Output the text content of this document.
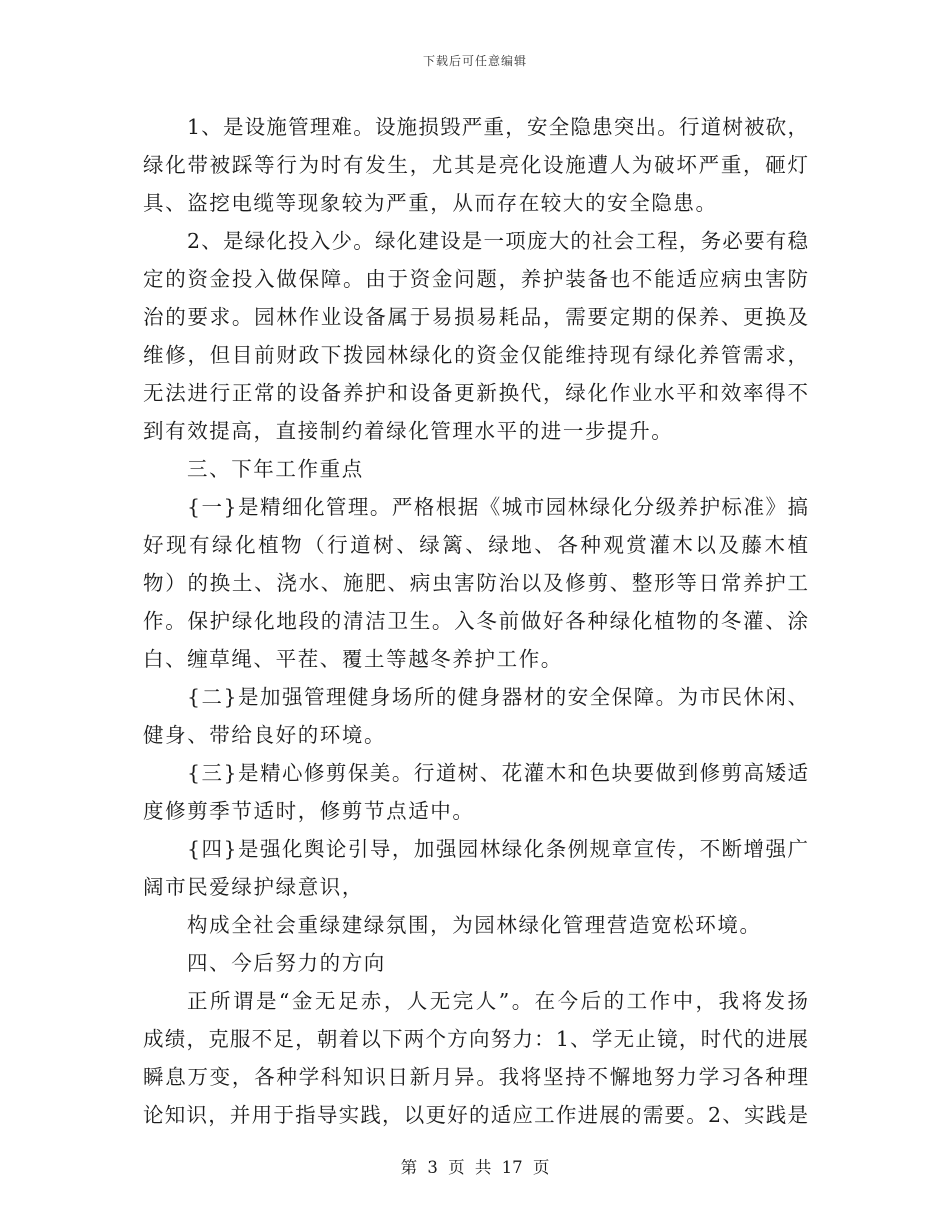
下载后可任意编辑
1、是设施管理难。设施损毁严重，安全隐患突出。行道树被砍，
绿化带被踩等行为时有发生，尤其是亮化设施遭人为破坏严重，砸灯
具、盗挖电缆等现象较为严重，从而存在较大的安全隐患。
2、是绿化投入少。绿化建设是一项庞大的社会工程，务必要有稳
定的资金投入做保障。由于资金问题，养护装备也不能适应病虫害防
治的要求。园林作业设备属于易损易耗品，需要定期的保养、更换及
维修，但目前财政下拨园林绿化的资金仅能维持现有绿化养管需求，
无法进行正常的设备养护和设备更新换代，绿化作业水平和效率得不
到有效提高，直接制约着绿化管理水平的进一步提升。
三、下年工作重点
{一}是精细化管理。严格根据《城市园林绿化分级养护标准》搞
好现有绿化植物（行道树、绿篱、绿地、各种观赏灌木以及藤木植
物）的换土、浇水、施肥、病虫害防治以及修剪、整形等日常养护工
作。保护绿化地段的清洁卫生。入冬前做好各种绿化植物的冬灌、涂
白、缠草绳、平茬、覆土等越冬养护工作。
{二}是加强管理健身场所的健身器材的安全保障。为市民休闲、
健身、带给良好的环境。
{三}是精心修剪保美。行道树、花灌木和色块要做到修剪高矮适
度修剪季节适时，修剪节点适中。
{四}是强化舆论引导，加强园林绿化条例规章宣传，不断增强广
阔市民爱绿护绿意识，
构成全社会重绿建绿氛围，为园林绿化管理营造宽松环境。
四、今后努力的方向
正所谓是“金无足赤，人无完人”。在今后的工作中，我将发扬
成绩，克服不足，朝着以下两个方向努力：1、学无止镜，时代的进展
瞬息万变，各种学科知识日新月异。我将坚持不懈地努力学习各种理
论知识，并用于指导实践，以更好的适应工作进展的需要。2、实践是
第 3 页 共 17 页
